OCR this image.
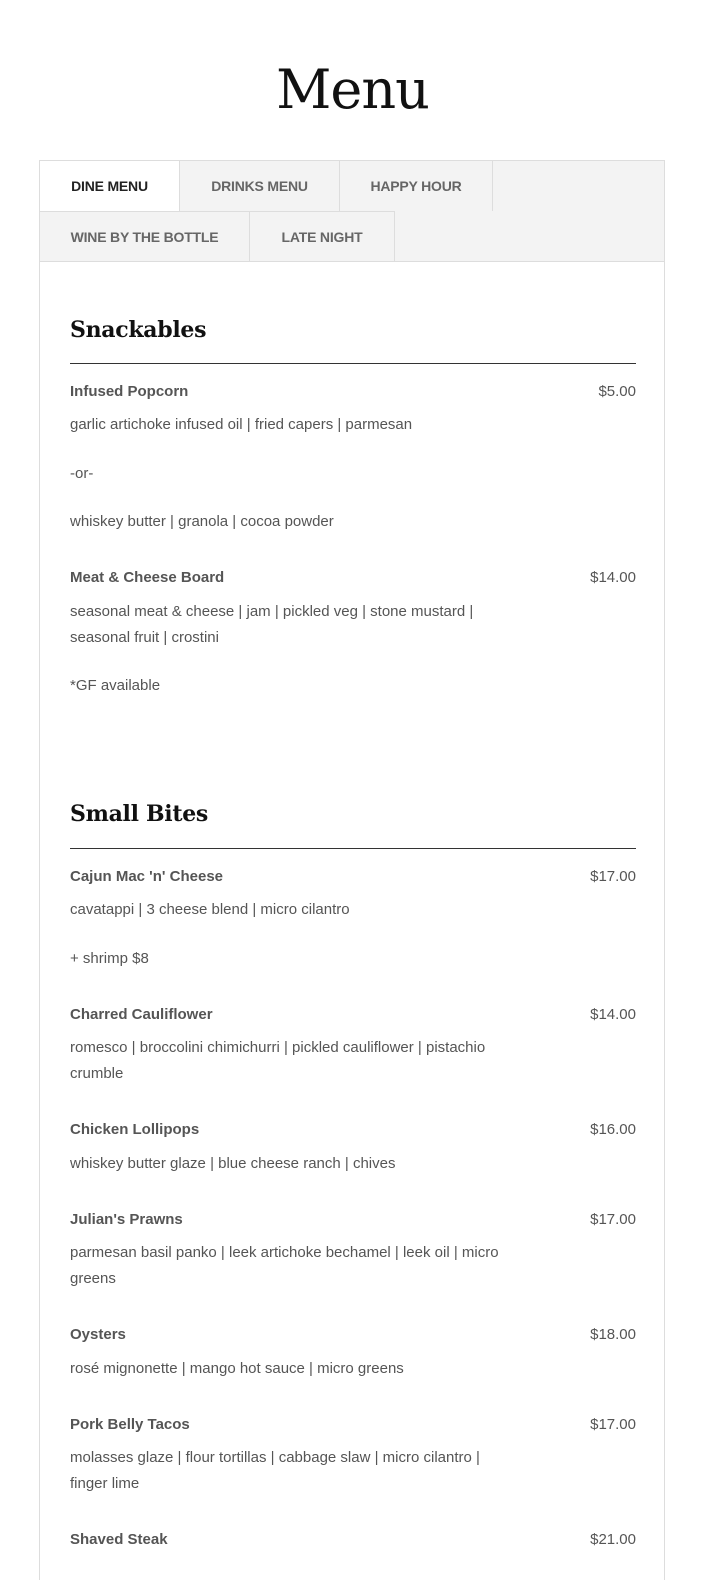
Menu
DINE MENU	DRINKS MENU	HAPPY HOUR
WINE BY THE BOTTLE	LATE NIGHT
Snackables
Infused Popcorn	$5.00
garlic artichoke infused oil | fried capers | parmesan
-or-
whiskey butter | granola | cocoa powder
Meat & Cheese Board	$14.00
seasonal meat & cheese | jam | pickled veg | stone mustard | seasonal fruit | crostini
*GF available
Small Bites
Cajun Mac 'n' Cheese	$17.00
cavatappi | 3 cheese blend | micro cilantro
+ shrimp $8
Charred Cauliflower	$14.00
romesco | broccolini chimichurri | pickled cauliflower | pistachio crumble
Chicken Lollipops	$16.00
whiskey butter glaze | blue cheese ranch | chives
Julian's Prawns	$17.00
parmesan basil panko | leek artichoke bechamel | leek oil | micro greens
Oysters	$18.00
rosé mignonette | mango hot sauce | micro greens
Pork Belly Tacos	$17.00
molasses glaze | flour tortillas | cabbage slaw | micro cilantro | finger lime
Shaved Steak	$21.00
